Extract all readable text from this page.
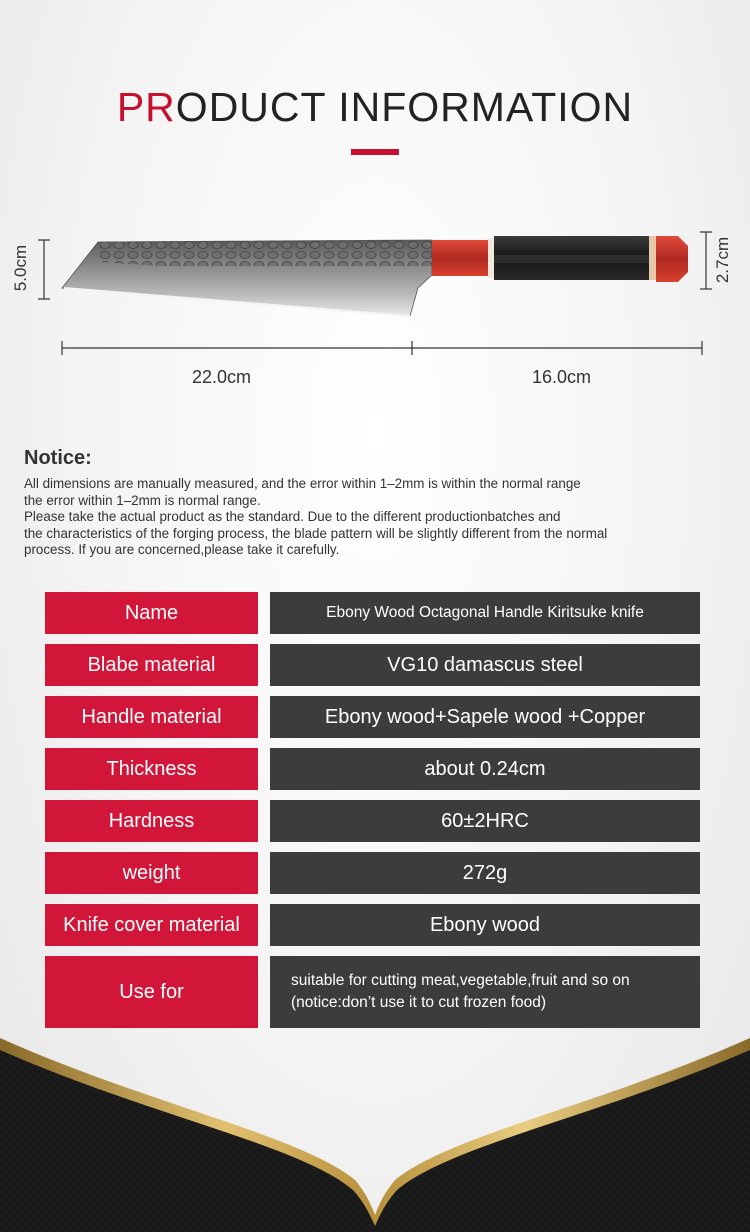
PRODUCT INFORMATION
5.0cm	2.7cm
22.0cm	16.0cm
Notice:
All dimensions are manually measured, and the error within 1–2mm is within the normal range
the error within 1–2mm is normal range.
Please take the actual product as the standard. Due to the different productionbatches and
the characteristics of the forging process, the blade pattern will be slightly different from the normal
process. If you are concerned,please take it carefully.
Name	Ebony Wood Octagonal Handle Kiritsuke knife
Blabe material	VG10 damascus steel
Handle material	Ebony wood+Sapele wood +Copper
Thickness	about 0.24cm
Hardness	60±2HRC
weight	272g
Knife cover material	Ebony wood
Use for	suitable for cutting meat,vegetable,fruit and so on
(notice:don’t use it to cut frozen food)
